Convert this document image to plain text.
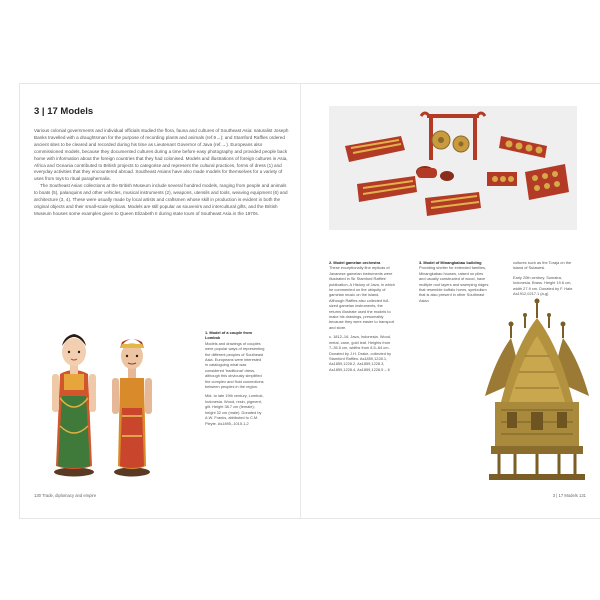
3 | 17 Models

Various colonial governments and individual officials studied the flora, fauna and cultures of Southeast Asia: naturalist Joseph Banks travelled with a draughtsman for the purpose of recording plants and animals (ref.9→); and Stamford Raffles ordered ancient sites to be cleared and recorded during his time as Lieutenant Governor of Java (ref.→). Europeans also commissioned models, because they documented cultures during a time before easy photography and provided people back home with information about the foreign countries that they had colonised. Models and illustrations of foreign cultures in Asia, Africa and Oceania contributed to British projects to categorise and represent the cultural practices, forms of dress (1) and everyday activities that they encountered abroad. Southeast Asians have also made models for themselves for a variety of uses from toys to ritual paraphernalia.

The Southeast Asian collections at the British Museum include several hundred models, ranging from people and animals to boats (5), palanquins and other vehicles, musical instruments (2), weapons, utensils and tools, weaving equipment (6) and architecture (3, 4). These were usually made by local artists and craftsmen whose skill in production is evident in both the original objects and their small-scale replicas. Models are still popular as souvenirs and intercultural gifts, and the British Museum houses some examples given to Queen Elizabeth II during state tours of Southeast Asia in the 1970s.

1. Model of a couple from Lombok
Models and drawings of couples were popular ways of representing the different peoples of Southeast Asia. Europeans were interested in cataloguing what was considered 'traditional' dress, although this obviously simplified the complex and fluid connections between peoples in the region.
Mid- to late 19th century, Lombok, Indonesia. Wood, resin, pigment, gilt. Height 38.7 cm (female); height 32 cm (male). Donated by A.W. Franks, attributed to C.M. Pleyte. As1895,-1015.1-2
130 Trade, diplomacy and empire
2. Model gamelan orchestra
These exceptionally fine replicas of Javanese gamelan instruments were illustrated in Sir Stamford Raffles' publication, A History of Java, in which he commented on the ubiquity of gamelan music on the island. Although Raffles also collected full-sized gamelan instruments, the returns illustrate used the models to make his drawings, presumably because they were easier to transport and store.
c. 1812–16. Java, Indonesia. Wood, metal, cane, gold leaf. Heights from 7–35.5 cm, widths from 8.5–64 cm. Donated by J.H. Drake, collected by Stamford Raffles. As1859,1228.1, As1859,1228.2, As1859,1228.3, As1859,1228.4, As1859,1228.5 – 6
3. Model of Minangkabau building
Providing shelter for extended families, Minangkabau houses, raised on piles and usually constructed of wood, have multiple roof layers and sweeping ridges that resemble buffalo horns, symbolism that is also present in other Southeast Asian
cultures such as the Toraja on the island of Sulawesi.
Early 20th century. Sumatra, Indonesia. Brass. Height 19.6 cm, width 27.9 cm. Donated by F. Hale. As1912,0217.1 (a-g)
3 | 17 Models 131
